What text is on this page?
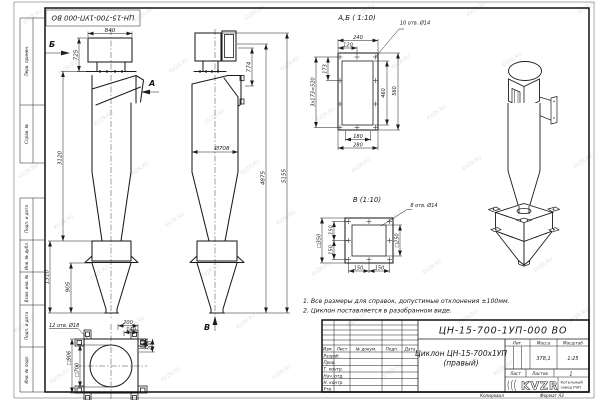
Перв. примен.
Справ. №
Подп. и дата
Инв. № дубл.
Взам. инв. №
Подп. и дата
Инв. № подл.
ЦН-15-700-1УП-000 ВО
840
725
3120
1310
905
Б
А
12 отв. Ø18
□906
□700
200
140
140 200
Ø708
774
4875	5155
В
А,Б ( 1:10)
10 отв. Ø14
240
120
173
3х173=520	460 560
180
280
В (1:10)
8 отв. Ø14
□350
150
150
□250
150 150
1. Все размеры для справок, допустимые отклонения ±100мм.
2. Циклон поставляется в разобранном виде.
Изм. Лист № докум. Подп. Дата
Разраб.
Пров.
Т. контр.
Нач. отд.
Н. контр.
Утв.
ЦН-15-700-1УП-000 ВО
Циклон ЦН-15-700х1УП
(правый)
Лит.	Масса	Масштаб
378,1	1:25
Лист	Листов	1
KVZR Котельный
завод РЭП
Копировал	Формат А3
